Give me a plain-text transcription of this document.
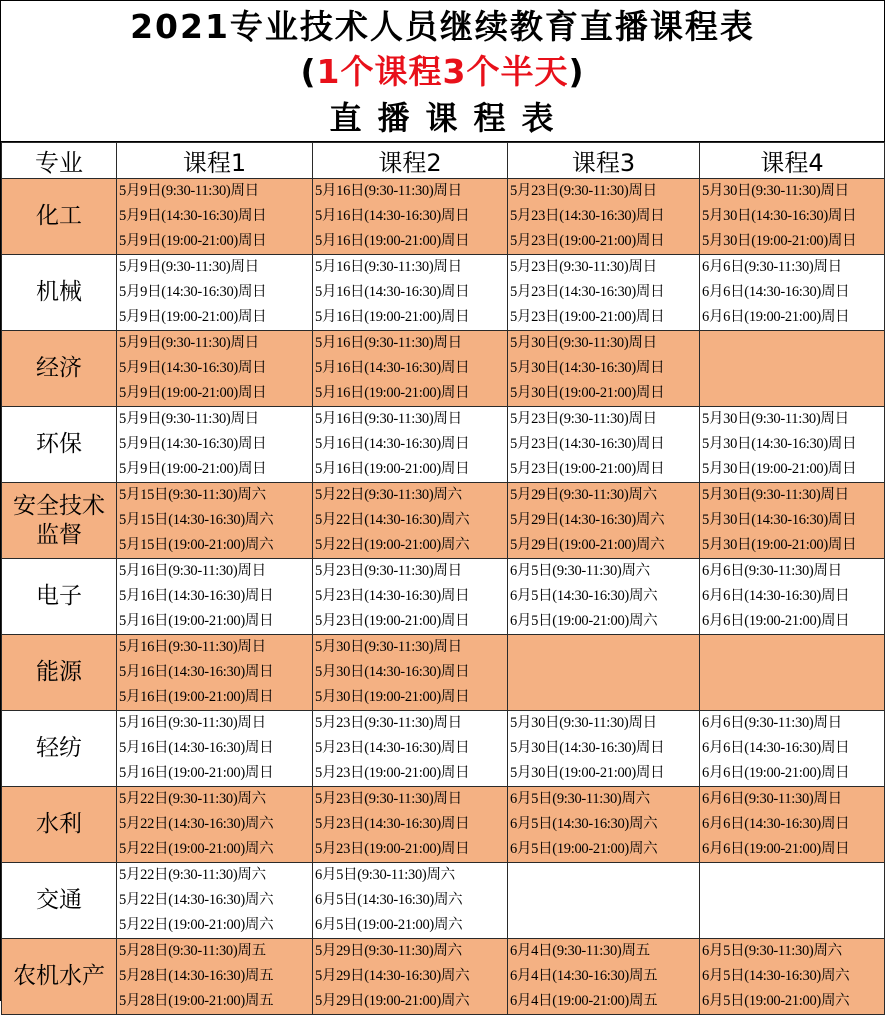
2021专业技术人员继续教育直播课程表
(1个课程3个半天)
直播课程表
专业	课程1	课程2	课程3	课程4
化工	5月9日(9:30-11:30)周日
5月9日(14:30-16:30)周日
5月9日(19:00-21:00)周日	5月16日(9:30-11:30)周日
5月16日(14:30-16:30)周日
5月16日(19:00-21:00)周日	5月23日(9:30-11:30)周日
5月23日(14:30-16:30)周日
5月23日(19:00-21:00)周日	5月30日(9:30-11:30)周日
5月30日(14:30-16:30)周日
5月30日(19:00-21:00)周日

机械	5月9日(9:30-11:30)周日
5月9日(14:30-16:30)周日
5月9日(19:00-21:00)周日	5月16日(9:30-11:30)周日
5月16日(14:30-16:30)周日
5月16日(19:00-21:00)周日	5月23日(9:30-11:30)周日
5月23日(14:30-16:30)周日
5月23日(19:00-21:00)周日	6月6日(9:30-11:30)周日
6月6日(14:30-16:30)周日
6月6日(19:00-21:00)周日

经济	5月9日(9:30-11:30)周日
5月9日(14:30-16:30)周日
5月9日(19:00-21:00)周日	5月16日(9:30-11:30)周日
5月16日(14:30-16:30)周日
5月16日(19:00-21:00)周日	5月30日(9:30-11:30)周日
5月30日(14:30-16:30)周日
5月30日(19:00-21:00)周日	

环保	5月9日(9:30-11:30)周日
5月9日(14:30-16:30)周日
5月9日(19:00-21:00)周日	5月16日(9:30-11:30)周日
5月16日(14:30-16:30)周日
5月16日(19:00-21:00)周日	5月23日(9:30-11:30)周日
5月23日(14:30-16:30)周日
5月23日(19:00-21:00)周日	5月30日(9:30-11:30)周日
5月30日(14:30-16:30)周日
5月30日(19:00-21:00)周日

安全技术
监督	5月15日(9:30-11:30)周六
5月15日(14:30-16:30)周六
5月15日(19:00-21:00)周六	5月22日(9:30-11:30)周六
5月22日(14:30-16:30)周六
5月22日(19:00-21:00)周六	5月29日(9:30-11:30)周六
5月29日(14:30-16:30)周六
5月29日(19:00-21:00)周六	5月30日(9:30-11:30)周日
5月30日(14:30-16:30)周日
5月30日(19:00-21:00)周日

电子	5月16日(9:30-11:30)周日
5月16日(14:30-16:30)周日
5月16日(19:00-21:00)周日	5月23日(9:30-11:30)周日
5月23日(14:30-16:30)周日
5月23日(19:00-21:00)周日	6月5日(9:30-11:30)周六
6月5日(14:30-16:30)周六
6月5日(19:00-21:00)周六	6月6日(9:30-11:30)周日
6月6日(14:30-16:30)周日
6月6日(19:00-21:00)周日

能源	5月16日(9:30-11:30)周日
5月16日(14:30-16:30)周日
5月16日(19:00-21:00)周日	5月30日(9:30-11:30)周日
5月30日(14:30-16:30)周日
5月30日(19:00-21:00)周日		

轻纺	5月16日(9:30-11:30)周日
5月16日(14:30-16:30)周日
5月16日(19:00-21:00)周日	5月23日(9:30-11:30)周日
5月23日(14:30-16:30)周日
5月23日(19:00-21:00)周日	5月30日(9:30-11:30)周日
5月30日(14:30-16:30)周日
5月30日(19:00-21:00)周日	6月6日(9:30-11:30)周日
6月6日(14:30-16:30)周日
6月6日(19:00-21:00)周日

水利	5月22日(9:30-11:30)周六
5月22日(14:30-16:30)周六
5月22日(19:00-21:00)周六	5月23日(9:30-11:30)周日
5月23日(14:30-16:30)周日
5月23日(19:00-21:00)周日	6月5日(9:30-11:30)周六
6月5日(14:30-16:30)周六
6月5日(19:00-21:00)周六	6月6日(9:30-11:30)周日
6月6日(14:30-16:30)周日
6月6日(19:00-21:00)周日

交通	5月22日(9:30-11:30)周六
5月22日(14:30-16:30)周六
5月22日(19:00-21:00)周六	6月5日(9:30-11:30)周六
6月5日(14:30-16:30)周六
6月5日(19:00-21:00)周六		

农机水产	5月28日(9:30-11:30)周五
5月28日(14:30-16:30)周五
5月28日(19:00-21:00)周五	5月29日(9:30-11:30)周六
5月29日(14:30-16:30)周六
5月29日(19:00-21:00)周六	6月4日(9:30-11:30)周五
6月4日(14:30-16:30)周五
6月4日(19:00-21:00)周五	6月5日(9:30-11:30)周六
6月5日(14:30-16:30)周六
6月5日(19:00-21:00)周六
